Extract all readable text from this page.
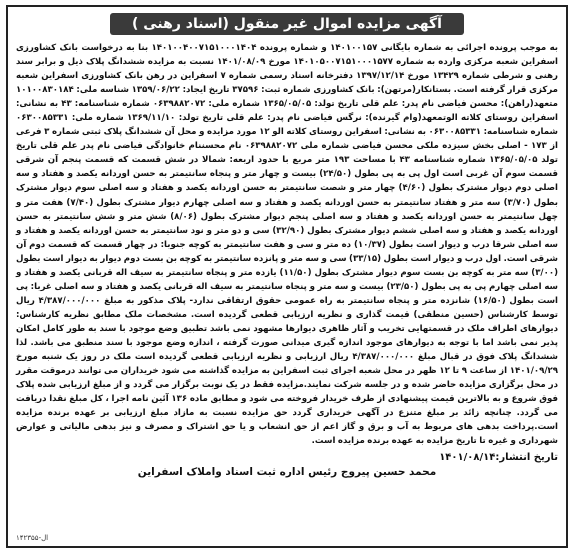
آگهی مزایده اموال غیر منقول (اسناد رهنی )
به موجب پرونده اجرائی به شماره بایگانی ۱۴۰۱۰۰۱۵۷ و شماره پرونده ۱۴۰۱۰۰۴۰۰۷۱۵۱۰۰۰۱۴۰۴ بنا به درخواست بانک کشاورزی اسفراین شعبه مرکزی وارده به شماره ۱۴۰۱۰۵۰۰۷۱۵۱۰۰۰۱۵۷۷ مورخ ۱۴۰۱/۰۸/۰۹ نسبت به مزایده ششدانگ پلاک ذیل و برابر سند رهنی و شرطی شماره ۱۳۴۲۹ مورخ ۱۳۹۷/۱۲/۱۴ دفترخانه اسناد رسمی شماره ۷ اسفراین در رهن بانک کشاورزی اسفراین شعبه مرکزی قرار گرفته است. بستانکار(مرتهن): بانک کشاورزی شماره ثبت: ۳۷۵۹۶ تاریخ ایجاد: ۱۳۵۹/۰۶/۲۲ شناسه ملی: ۱۰۱۰۰۸۳۰۱۸۴ متعهد(راهن): محسن فیاضی نام پدر: علم قلی تاریخ تولد: ۱۳۶۵/۰۵/۰۵ شماره ملی: ۰۶۳۹۸۸۲۰۷۲ شماره شناسنامه: ۴۳ به نشانی: اسفراین روستای کلاته الوتمعهد(وام گیرنده): نرگس فیاضی نام پدر: علم قلی تاریخ تولد: ۱۳۶۹/۱۱/۱۰ شماره ملی: ۰۶۳۰۰۸۵۳۳۱ شماره شناسنامه: ۰۶۳۰۰۸۵۳۳۱ به نشانی: اسفراین روستای کلاته الو ۱۲ مورد مزایده و محل آن ششدانگ پلاک ثبتی شماره ۳ فرعی از ۱۷۳ - اصلی بخش سیزده ملکی محسن فیاضی شماره ملی ۰۶۳۹۸۸۲۰۷۲ نام محسننام خانوادگی فیاضی نام پدر علم قلی تاریخ تولد ۱۳۶۵/۰۵/۰۵ شماره شناسنامه ۴۳ با مساحت ۱۹۳ متر مربع با حدود اربعه: شمالا در شش قسمت که قسمت پنجم آن شرقی قسمت سوم آن غربی است اول پی به پی بطول (۲۴/۵۰) بیست و چهار متر و پنجاه سانتیمتر به حسن اوردانه یکصد و هفتاد و سه اصلی دوم دیوار مشترک بطول (۴/۶۰) چهار متر و شصت سانتیمتر به حسن اوردانه یکصد و هفتاد و سه اصلی سوم دیوار مشترک بطول (۳/۷۰) سه متر و هفتاد سانتیمتر به حسن اوردانه یکصد و هفتاد و سه اصلی چهارم دیوار مشترک بطول (۷/۴۰) هفت متر و چهل سانتیمتر به حسن اوردانه یکصد و هفتاد و سه اصلی پنجم دیوار مشترک بطول (۸/۰۶) شش متر و شش سانتیمتر به حسن اوردانه یکصد و هفتاد و سه اصلی ششم دیوار مشترک بطول (۳۲/۹۰) سی و دو متر و نود سانتیمتر به حسن اوردانه یکصد و هفتاد و سه اصلی شرقا درب و دیوار است بطول (۱۰/۳۷) ده متر و سی و هفت سانتیمتر به کوچه جنوبا: در چهار قسمت که قسمت دوم آن شرقی است. اول درب و دیوار است بطول (۳۳/۱۵) سی و سه متر و پانزده سانتیمتر به کوچه بن بست دوم دیوار به دیوار است بطول (۳/۰۰) سه متر به کوچه بن بست سوم دیوار مشترک بطول (۱۱/۵۰) یازده متر و پنجاه سانتیمتر به سیف اله قربانی یکصد و هفتاد و سه اصلی چهارم پی به پی بطول (۲۳/۵۰) بیست و سه متر و پنجاه سانتیمتر به سیف اله قربانی یکصد و هفتاد و سه اصلی غربا: پی است بطول (۱۶/۵۰) شانزده متر و پنجاه سانتیمتر به راه عمومی حقوق ارتفاقی ندارد- پلاک مذکور به مبلغ ۴/۳۸۷/۰۰۰/۰۰۰ ریال توسط کارشناس (حسین منطقی) قیمت گذاری و نظریه ارزیابی قطعی گردیده است. مشخصات ملک مطابق نظریه کارشناس: دیوارهای اطراف ملک در قسمتهایی تخریب و آثار ظاهری دیوارها مشهود نمی باشد تطبیق وضع موجود با سند به طور کامل امکان پذیر نمی باشد اما با توجه به دیوارهای موجود اندازه گیری میدانی صورت گرفته ، اندازه وضع موجود با سند منطبق می باشد. لذا ششدانگ پلاک فوق در قبال مبلغ ۴/۳۸۷/۰۰۰/۰۰۰ ریال ارزیابی و نظریه ارزیابی قطعی گردیده است ملک در روز یک شنبه مورخ ۱۴۰۱/۰۹/۲۹ از ساعت ۹ تا ۱۲ ظهر در محل شعبه اجرای ثبت اسفراین به مزایده گذاشته می شود خریداران می توانند درموقت مقرر در محل برگزاری مزایده حاضر شده و در جلسه شرکت نمایند.مزایده فقط در یک نوبت برگزار می گردد و از مبلغ ارزیابی شده پلاک فوق شروع و به بالاترین قیمت پیشنهادی از طرف خریدار فروخته می شود و مطابق ماده ۱۳۶ آئین نامه اجرا ، کل مبلغ نقدا دریافت می گردد. چنانچه زائد بر مبلغ متنزع در آگهی خریداری گردد حق مزایده نسبت به مازاد مبلغ ارزیابی بر عهده برنده مزایده است.پرداخت بدهی های مربوط به آب و برق و گاز اعم از حق انشعاب و یا حق اشتراک و مصرف و نیز بدهی مالیاتی و عوارض شهرداری و غیره تا تاریخ مزایده به عهده برنده مزایده است.
تاریخ انتشار:۱۴۰۱/۰۸/۱۴
محمد حسین پیروج رئیس اداره ثبت اسناد واملاک اسفراین
ال-۱۴۲۳۵۵
